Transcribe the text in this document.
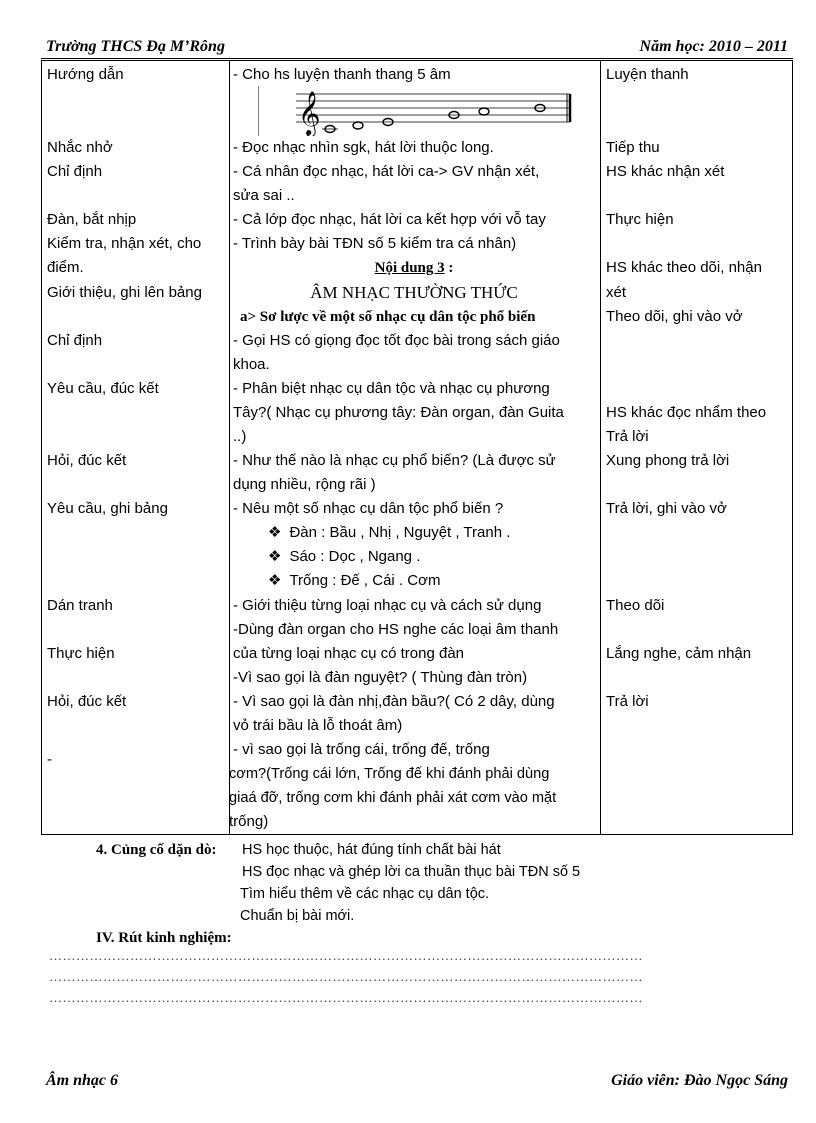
Trường THCS Đạ M’Rông	Năm học: 2010 – 2011
Hướng dẫn
Nhắc nhở
Chỉ định
Đàn, bắt nhịp
Kiểm tra, nhận xét, cho
điểm.
Giới thiệu, ghi lên bảng
Chỉ định
Yêu cầu, đúc kết
Hỏi, đúc kết
Yêu cầu, ghi bảng
Dán tranh
Thực hiện
Hỏi, đúc kết
-
- Cho hs luyện thanh thang 5 âm
𝄞
- Đọc nhạc nhìn sgk, hát lời thuộc long.
- Cá nhân đọc nhạc, hát lời ca-> GV nhận xét,
sửa sai ..
- Cả lớp đọc nhạc, hát lời ca kết hợp với vỗ tay
- Trình bày bài TĐN số 5 kiểm tra cá nhân)
Nội dung 3 :
ÂM NHẠC THƯỜNG THỨC
a> Sơ lược về một số nhạc cụ dân tộc phổ biến
- Gọi HS có giọng đọc tốt đọc bài trong sách giáo
khoa.
- Phân biệt nhạc cụ dân tộc và nhạc cụ phương
Tây?( Nhạc cụ phương tây: Đàn organ, đàn Guita
..)
- Như thế nào là nhạc cụ phổ biến? (Là được sử
dụng nhiều, rộng rãi )
- Nêu một số nhạc cụ dân tộc phổ biến ?
❖ Đàn : Bầu , Nhị , Nguyệt , Tranh .
❖ Sáo : Dọc , Ngang .
❖ Trống : Đế , Cái . Cơm
- Giới thiệu từng loại nhạc cụ và cách sử dụng
-Dùng đàn organ cho HS nghe các loại âm thanh
của từng loại nhạc cụ có trong đàn
-Vì sao gọi là đàn nguyệt? ( Thùng đàn tròn)
- Vì sao gọi là đàn nhị,đàn bầu?( Có 2 dây, dùng
vỏ trái bầu là lỗ thoát âm)
- vì sao gọi là trống cái, trống đế, trống
cơm?(Trống cái lớn, Trống đế khi đánh phải dùng
giaá đỡ, trống cơm khi đánh phải xát cơm vào mặt
trống)
Luyện thanh
Tiếp thu
HS khác nhận xét
Thực hiện
HS khác theo dõi, nhận
xét
Theo dõi, ghi vào vở
HS khác đọc nhẩm theo
Trả lời
Xung phong trả lời
Trả lời, ghi vào vở
Theo dõi
Lắng nghe, cảm nhận
Trả lời
4. Củng cố dặn dò: HS học thuộc, hát đúng tính chất bài hát
HS đọc nhạc và ghép lời ca thuần thục bài TĐN số 5
Tìm hiểu thêm về các nhạc cụ dân tộc.
Chuẩn bị bài mới.
IV. Rút kinh nghiệm:
……………………………………………………………………………………………………………………
……………………………………………………………………………………………………………………
……………………………………………………………………………………………………………………
Âm nhạc 6	Giáo viên: Đào Ngọc Sáng
